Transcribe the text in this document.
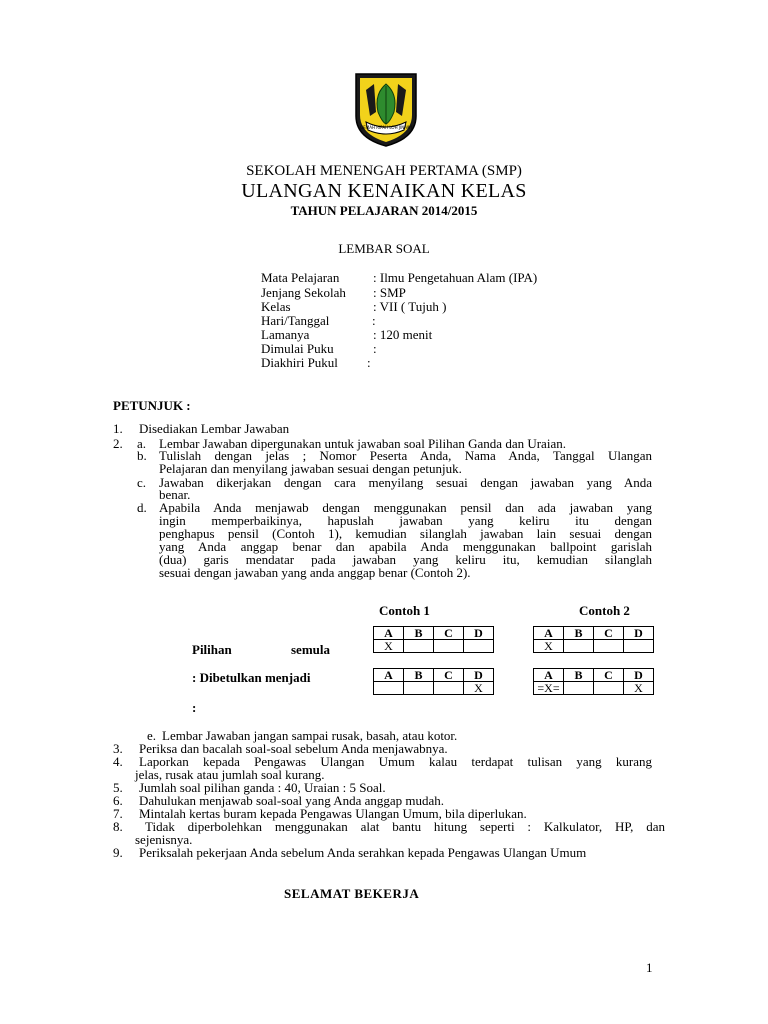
GEMAH RIPAH LOH JINAWI
SEKOLAH MENENGAH PERTAMA (SMP)
ULANGAN KENAIKAN KELAS
TAHUN PELAJARAN 2014/2015
LEMBAR SOAL
Mata Pelajaran	: Ilmu Pengetahuan Alam (IPA)
Jenjang Sekolah : SMP
Kelas	: VII ( Tujuh )
Hari/Tanggal	:
Lamanya	: 120 menit
Dimulai Puku	:
Diakhiri Pukul :
PETUNJUK :
1. Disediakan Lembar Jawaban
2. a. Lembar Jawaban dipergunakan untuk jawaban soal Pilihan Ganda dan Uraian.
b. Tulislah dengan jelas ; Nomor Peserta Anda, Nama Anda, Tanggal Ulangan
Pelajaran dan menyilang jawaban sesuai dengan petunjuk.
c. Jawaban dikerjakan dengan cara menyilang sesuai dengan jawaban yang Anda
benar.
d. Apabila Anda menjawab dengan menggunakan pensil dan ada jawaban yang
ingin memperbaikinya, hapuslah jawaban yang keliru itu dengan
penghapus pensil (Contoh 1), kemudian silanglah jawaban lain sesuai dengan
yang Anda anggap benar dan apabila Anda menggunakan ballpoint garislah
(dua) garis mendatar pada jawaban yang keliru itu, kemudian silanglah
sesuai dengan jawaban yang anda anggap benar (Contoh 2).
Contoh 1	Contoh 2
Pilihan	semula
: Dibetulkan menjadi
:
A	B	C	D
X			
A	B	C	D
X			
A	B	C	D
			X
A	B	C	D
=X=			X
e. Lembar Jawaban jangan sampai rusak, basah, atau kotor.
3. Periksa dan bacalah soal-soal sebelum Anda menjawabnya.
4. Laporkan kepada Pengawas Ulangan Umum kalau terdapat tulisan yang kurang
jelas, rusak atau jumlah soal kurang.
5. Jumlah soal pilihan ganda : 40, Uraian : 5 Soal.
6. Dahulukan menjawab soal-soal yang Anda anggap mudah.
7. Mintalah kertas buram kepada Pengawas Ulangan Umum, bila diperlukan.
8. Tidak diperbolehkan menggunakan alat bantu hitung seperti : Kalkulator, HP, dan
sejenisnya.
9. Periksalah pekerjaan Anda sebelum Anda serahkan kepada Pengawas Ulangan Umum
SELAMAT BEKERJA
1
